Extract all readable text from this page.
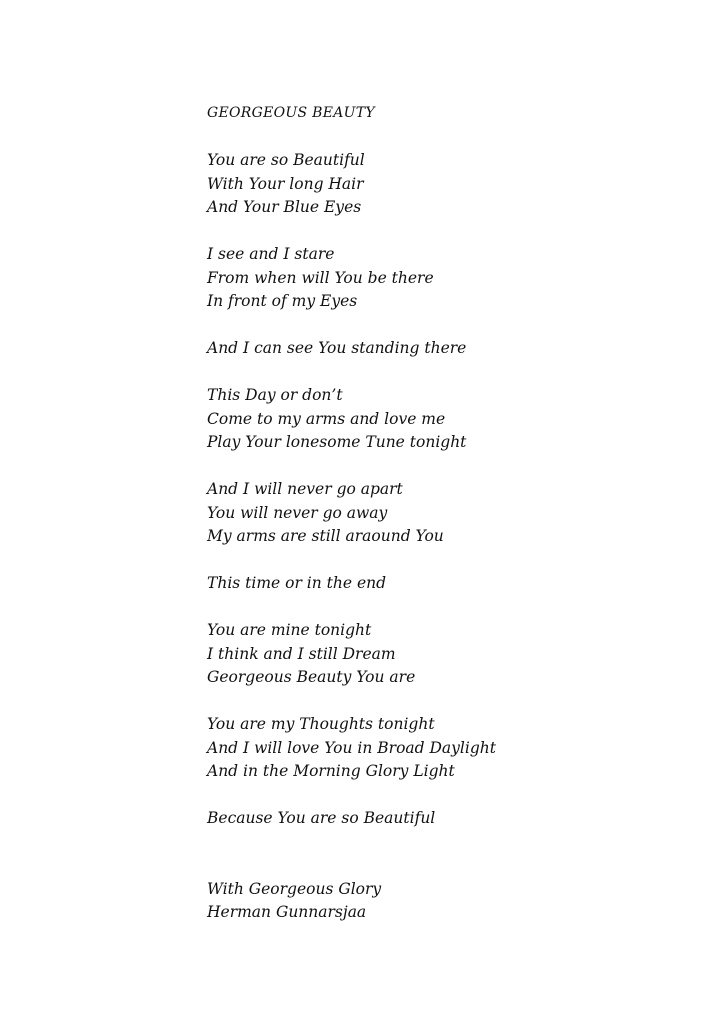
GEORGEOUS BEAUTY
You are so Beautiful
With Your long Hair
And Your Blue Eyes
I see and I stare
From when will You be there
In front of my Eyes
And I can see You standing there
This Day or don’t
Come to my arms and love me
Play Your lonesome Tune tonight
And I will never go apart
You will never go away
My arms are still araound You
This time or in the end
You are mine tonight
I think and I still Dream
Georgeous Beauty You are
You are my Thoughts tonight
And I will love You in Broad Daylight
And in the Morning Glory Light
Because You are so Beautiful
With Georgeous Glory
Herman Gunnarsjaa
